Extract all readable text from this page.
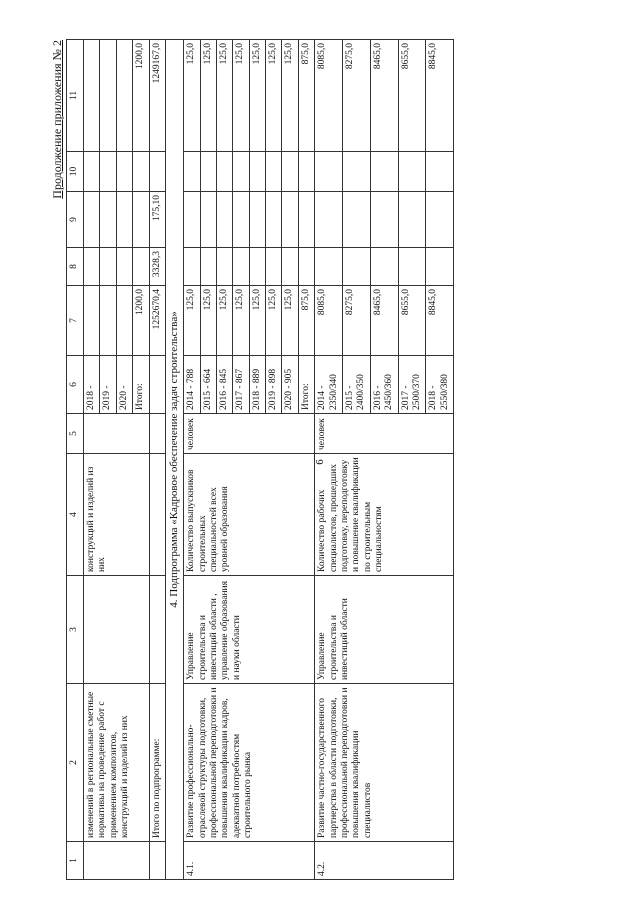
6
Продолжение приложения № 2
1	2	3	4	5	6	7	8	9	10	11
	изменений в региональные сметные нормативы на проведение работ с применением композитов, конструкций и изделий из них		конструкций и изделий из них		2018 -					
					2019 -					
					2020 -					
					Итого:	1200,0				1200,0
	Итого по подпрограмме:					1252670,4	3328,3	175,10		1249167,0
4. Подпрограмма «Кадровое обеспечение задач строительства»										
4.1.	Развитие профессионально-отраслевой структуры подготовки, профессиональной переподготовки и повышения квалификации кадров, адекватной потребностям строительного рынка	Управление строительства и инвестиций области , управление образования и науки области	Количество выпускников строительных специальностей всех уровней образования	человек	2014 - 788	125,0				125,0
					2015 - 664	125,0				125,0
					2016 - 845	125,0				125,0
					2017 - 867	125,0				125,0
					2018 - 889	125,0				125,0
					2019 - 898	125,0				125,0
					2020 - 905	125,0				125,0
					Итого:	875,0				875,0
4.2.	Развитие частно-государственного партнерства в области подготовки, профессиональной переподготовки и повышения квалификации специалистов	Управление строительства и инвестиций области	Количество рабочих специалистов, прошедших подготовку, переподготовку и повышение квалификации по строительным специальностям	человек	2014 - 2350/340	8085,0				8085,0
					2015 - 2400/350	8275,0				8275,0
					2016 - 2450/360	8465,0				8465,0
					2017 - 2500/370	8655,0				8655,0
					2018 - 2550/380	8845,0				8845,0
